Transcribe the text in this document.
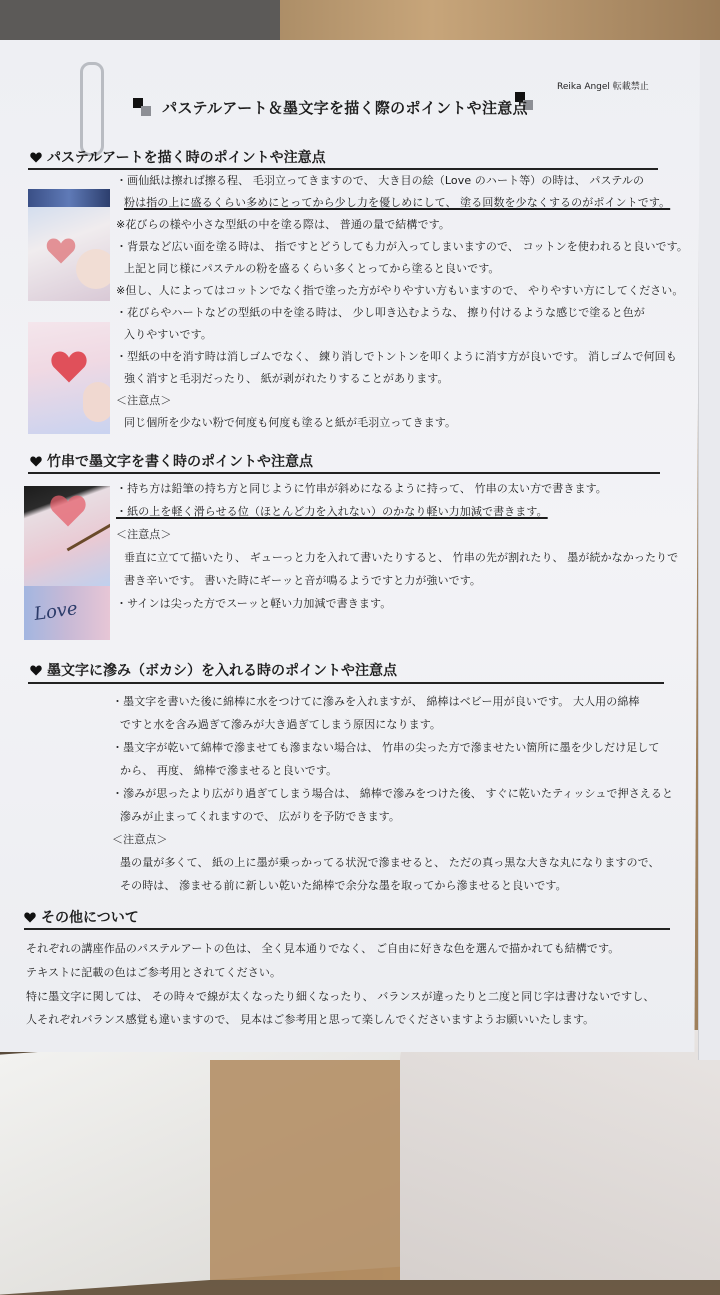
Reika Angel 転載禁止
パステルアート＆墨文字を描く際のポイントや注意点
パステルアートを描く時のポイントや注意点
・画仙紙は擦れば擦る程、 毛羽立ってきますので、 大き目の絵（Love のハート等）の時は、 パステルの
粉は指の上に盛るくらい多めにとってから少し力を優しめにして、 塗る回数を少なくするのがポイントです。
※花びらの様や小さな型紙の中を塗る際は、 普通の量で結構です。
・背景など広い面を塗る時は、 指ですとどうしても力が入ってしまいますので、 コットンを使われると良いです。
上記と同じ様にパステルの粉を盛るくらい多くとってから塗ると良いです。
※但し、人によってはコットンでなく指で塗った方がやりやすい方もいますので、 やりやすい方にしてください。
・花びらやハートなどの型紙の中を塗る時は、 少し叩き込むような、 擦り付けるような感じで塗ると色が
入りやすいです。
・型紙の中を消す時は消しゴムでなく、 練り消しでトントンを叩くように消す方が良いです。 消しゴムで何回も
強く消すと毛羽だったり、 紙が剥がれたりすることがあります。
＜注意点＞
同じ個所を少ない粉で何度も何度も塗ると紙が毛羽立ってきます。
竹串で墨文字を書く時のポイントや注意点
Love
・持ち方は鉛筆の持ち方と同じように竹串が斜めになるように持って、 竹串の太い方で書きます。
・紙の上を軽く滑らせる位（ほとんど力を入れない）のかなり軽い力加減で書きます。
＜注意点＞
垂直に立てて描いたり、 ギューっと力を入れて書いたりすると、 竹串の先が割れたり、 墨が続かなかったりで
書き辛いです。 書いた時にギーッと音が鳴るようですと力が強いです。
・サインは尖った方でスーッと軽い力加減で書きます。
墨文字に滲み（ボカシ）を入れる時のポイントや注意点
・墨文字を書いた後に綿棒に水をつけてに滲みを入れますが、 綿棒はベビー用が良いです。 大人用の綿棒
ですと水を含み過ぎて滲みが大き過ぎてしまう原因になります。
・墨文字が乾いて綿棒で滲ませても滲まない場合は、 竹串の尖った方で滲ませたい箇所に墨を少しだけ足して
から、 再度、 綿棒で滲ませると良いです。
・滲みが思ったより広がり過ぎてしまう場合は、 綿棒で滲みをつけた後、 すぐに乾いたティッシュで押さえると
滲みが止まってくれますので、 広がりを予防できます。
＜注意点＞
墨の量が多くて、 紙の上に墨が乗っかってる状況で滲ませると、 ただの真っ黒な大きな丸になりますので、
その時は、 滲ませる前に新しい乾いた綿棒で余分な墨を取ってから滲ませると良いです。
その他について
それぞれの講座作品のパステルアートの色は、 全く見本通りでなく、 ご自由に好きな色を選んで描かれても結構です。
テキストに記載の色はご参考用とされてください。
特に墨文字に関しては、 その時々で線が太くなったり細くなったり、 バランスが違ったりと二度と同じ字は書けないですし、
人それぞれバランス感覚も違いますので、 見本はご参考用と思って楽しんでくださいますようお願いいたします。
